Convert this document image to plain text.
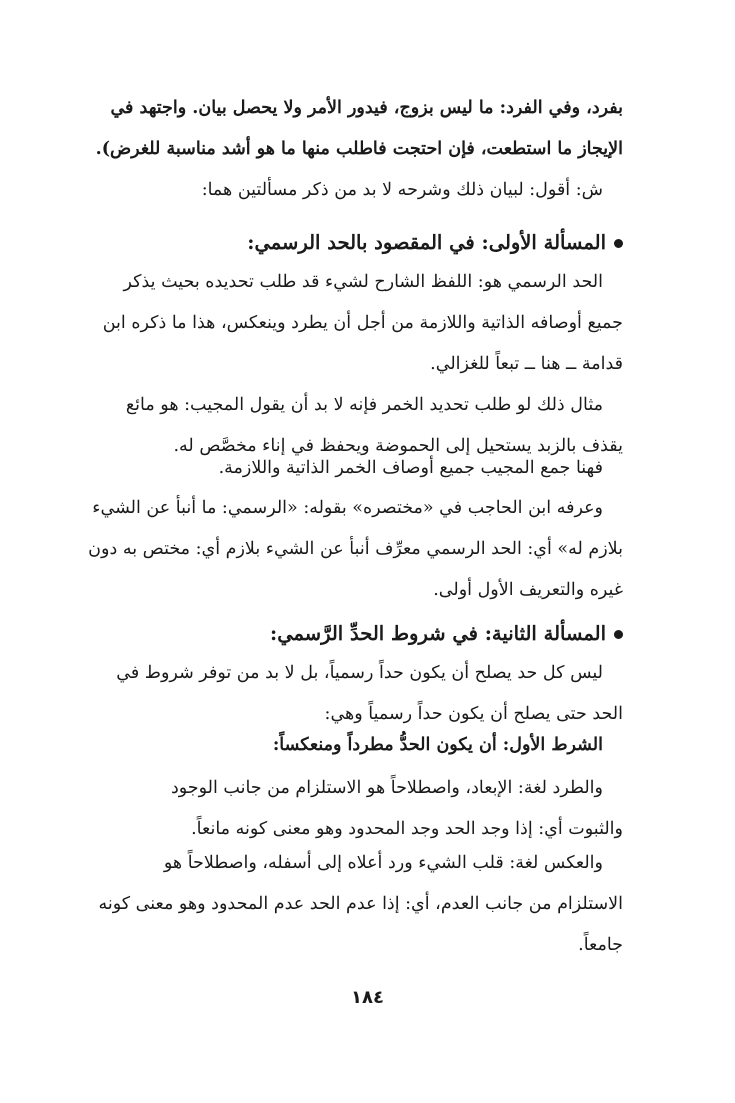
بفرد، وفي الفرد: ما ليس بزوج، فيدور الأمر ولا يحصل بيان. واجتهد في
الإيجاز ما استطعت، فإن احتجت فاطلب منها ما هو أشد مناسبة للغرض).
ش: أقول: لبيان ذلك وشرحه لا بد من ذكر مسألتين هما:
المسألة الأولى: في المقصود بالحد الرسمي:
الحد الرسمي هو: اللفظ الشارح لشيء قد طلب تحديده بحيث يذكر
جميع أوصافه الذاتية واللازمة من أجل أن يطرد وينعكس، هذا ما ذكره ابن
قدامة ــ هنا ــ تبعاً للغزالي.
مثال ذلك لو طلب تحديد الخمر فإنه لا بد أن يقول المجيب: هو مائع
يقذف بالزبد يستحيل إلى الحموضة ويحفظ في إناء مخصَّص له.
فهنا جمع المجيب جميع أوصاف الخمر الذاتية واللازمة.
وعرفه ابن الحاجب في «مختصره» بقوله: «الرسمي: ما أنبأ عن الشيء
بلازم له» أي: الحد الرسمي معرِّف أنبأ عن الشيء بلازم أي: مختص به دون
غيره والتعريف الأول أولى.
المسألة الثانية: في شروط الحدِّ الرَّسمي:
ليس كل حد يصلح أن يكون حداً رسمياً، بل لا بد من توفر شروط في
الحد حتى يصلح أن يكون حداً رسمياً وهي:
الشرط الأول: أن يكون الحدُّ مطرداً ومنعكساً:
والطرد لغة: الإبعاد، واصطلاحاً هو الاستلزام من جانب الوجود
والثبوت أي: إذا وجد الحد وجد المحدود وهو معنى كونه مانعاً.
والعكس لغة: قلب الشيء ورد أعلاه إلى أسفله، واصطلاحاً هو
الاستلزام من جانب العدم، أي: إذا عدم الحد عدم المحدود وهو معنى كونه
جامعاً.
١٨٤
